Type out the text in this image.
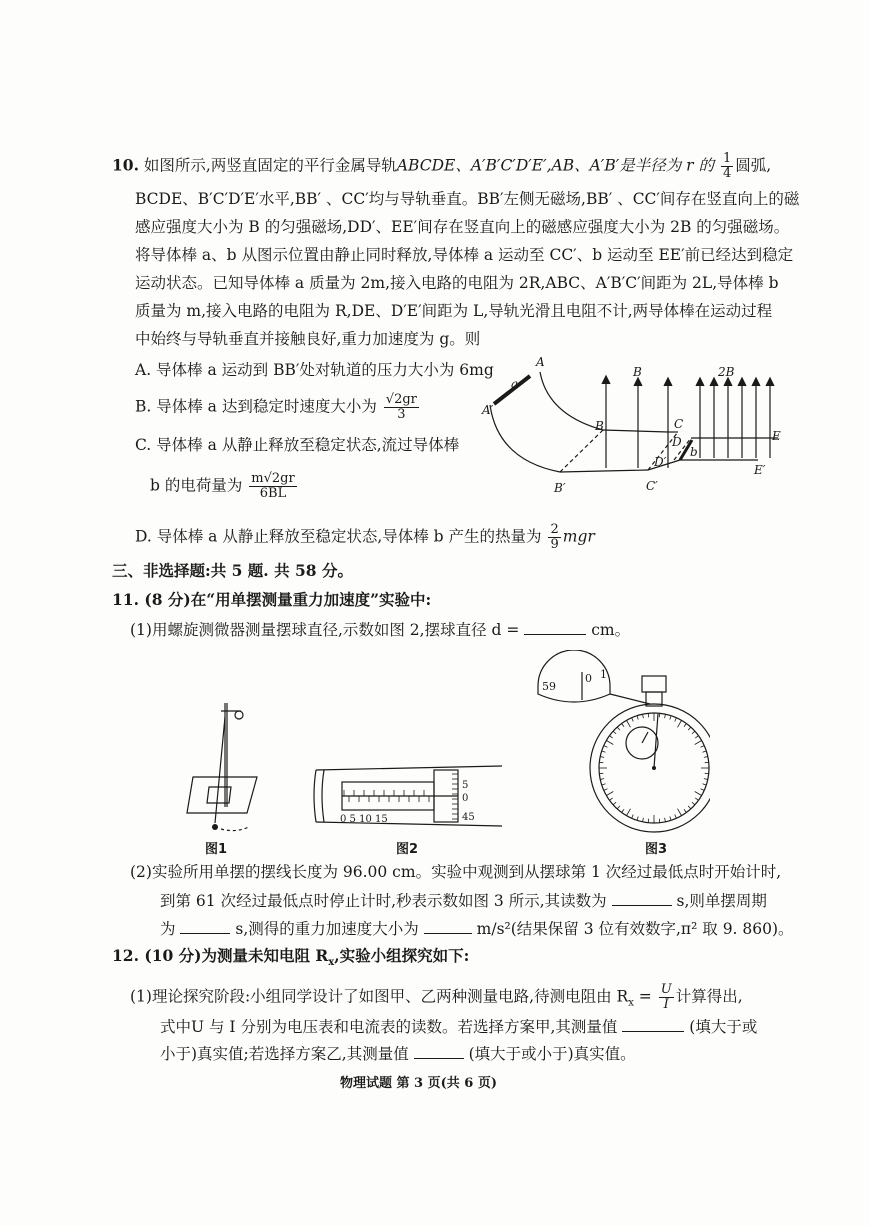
10. 如图所示,两竖直固定的平行金属导轨ABCDE、A′B′C′D′E′,AB、A′B′是半径为 r 的 $\frac{1}{4}$ 圆弧,
BCDE、B′C′D′E′水平,BB′ 、CC′均与导轨垂直。BB′左侧无磁场,BB′ 、CC′间存在竖直向上的磁
感应强度大小为 B 的匀强磁场,DD′、EE′间存在竖直向上的磁感应强度大小为 2B 的匀强磁场。
将导体棒 a、b 从图示位置由静止同时释放,导体棒 a 运动至 CC′、b 运动至 EE′前已经达到稳定
运动状态。已知导体棒 a 质量为 2m,接入电路的电阻为 2R,ABC、A′B′C′间距为 2L,导体棒 b
质量为 m,接入电路的电阻为 R,DE、D′E′间距为 L,导轨光滑且电阻不计,两导体棒在运动过程
中始终与导轨垂直并接触良好,重力加速度为 g。则
A. 导体棒 a 运动到 BB′处对轨道的压力大小为 6mg
B. 导体棒 a 达到稳定时速度大小为 $\frac{√2gr}{3}$
C. 导体棒 a 从静止释放至稳定状态,流过导体棒
b 的电荷量为 $\frac{m√2gr}{6BL}$
D. 导体棒 a 从静止释放至稳定状态,导体棒 b 产生的热量为 $\frac{2}{9}$ mgr
A
A′
a
B
B′
C
C′
D
D′
E
E′
b
B	2B
三、非选择题:共 5 题. 共 58 分。
11. (8 分)在“用单摆测量重力加速度”实验中:
(1)用螺旋测微器测量摆球直径,示数如图 2,摆球直径 d =	cm。
图1
0 5 10 15
5
0
45
图2
59
0 1
图3
(2)实验所用单摆的摆线长度为 96.00 cm。实验中观测到从摆球第 1 次经过最低点时开始计时,
到第 61 次经过最低点时停止计时,秒表示数如图 3 所示,其读数为	s,则单摆周期
为	s,测得的重力加速度大小为	m/s²(结果保留 3 位有效数字,π² 取 9. 860)。
12. (10 分)为测量未知电阻 $R_x$,实验小组探究如下:
(1)理论探究阶段:小组同学设计了如图甲、乙两种测量电路,待测电阻由 $R_x = \frac{U}{I}$ 计算得出,
式中U 与 I 分别为电压表和电流表的读数。若选择方案甲,其测量值	(填大于或
小于)真实值;若选择方案乙,其测量值	(填大于或小于)真实值。
物理试题 第 3 页(共 6 页)
